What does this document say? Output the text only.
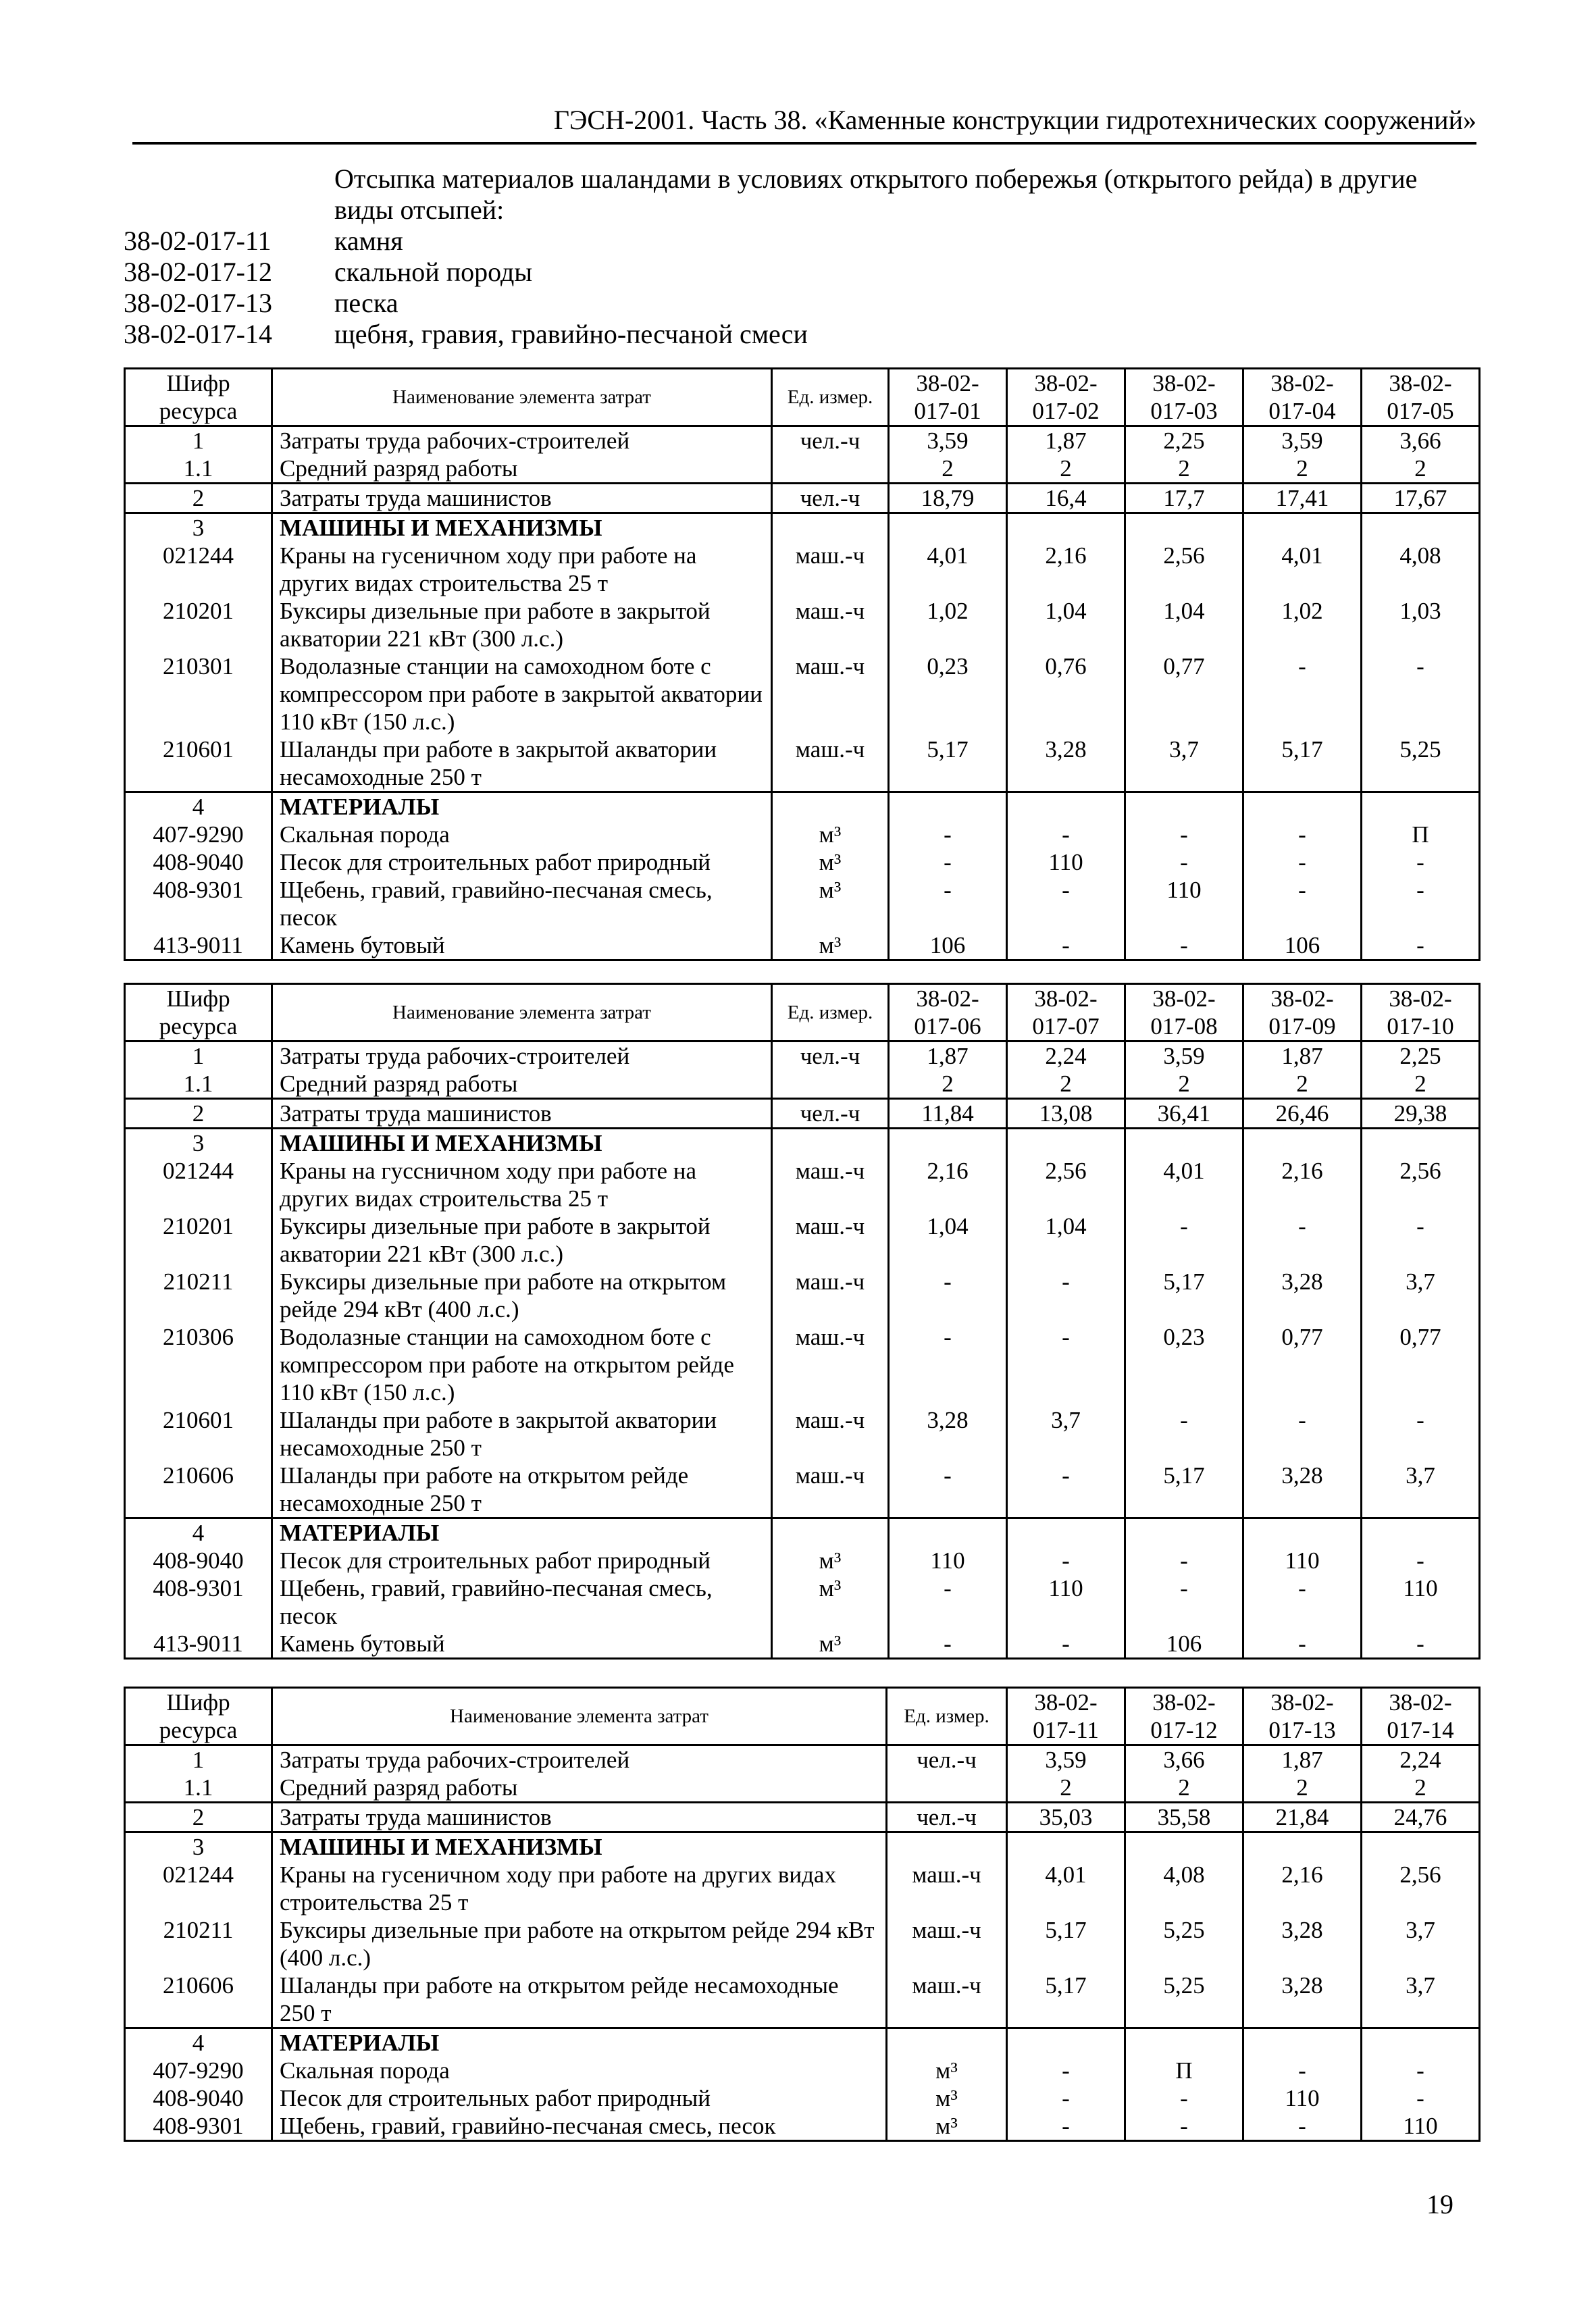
ГЭСН-2001. Часть 38. «Каменные конструкции гидротехнических сооружений»
Отсыпка материалов шаландами в условиях открытого побережья (открытого рейда) в другие виды отсыпей:
38-02-017-11	камня
38-02-017-12	скальной породы
38-02-017-13	песка
38-02-017-14	щебня, гравия, гравийно-песчаной смеси
Шифр ресурса	Наименование элемента затрат	Ед. измер.	38-02-017-01	38-02-017-02	38-02-017-03	38-02-017-04	38-02-017-05
1	Затраты труда рабочих-строителей	чел.-ч	3,59	1,87	2,25	3,59	3,66
1.1	Средний разряд работы		2	2	2	2	2
2	Затраты труда машинистов	чел.-ч	18,79	16,4	17,7	17,41	17,67
3	МАШИНЫ И МЕХАНИЗМЫ						
021244	Краны на гусеничном ходу при работе на других видах строительства 25 т	маш.-ч	4,01	2,16	2,56	4,01	4,08
210201	Буксиры дизельные при работе в закрытой акватории 221 кВт (300 л.с.)	маш.-ч	1,02	1,04	1,04	1,02	1,03
210301	Водолазные станции на самоходном боте с компрессором при работе в закрытой акватории 110 кВт (150 л.с.)	маш.-ч	0,23	0,76	0,77	-	-
210601	Шаланды при работе в закрытой акватории несамоходные 250 т	маш.-ч	5,17	3,28	3,7	5,17	5,25
4	МАТЕРИАЛЫ						
407-9290	Скальная порода	м³	-	-	-	-	П
408-9040	Песок для строительных работ природный	м³	-	110	-	-	-
408-9301	Щебень, гравий, гравийно-песчаная смесь, песок	м³	-	-	110	-	-
413-9011	Камень бутовый	м³	106	-	-	106	-
Шифр ресурса	Наименование элемента затрат	Ед. измер.	38-02-017-06	38-02-017-07	38-02-017-08	38-02-017-09	38-02-017-10
1	Затраты труда рабочих-строителей	чел.-ч	1,87	2,24	3,59	1,87	2,25
1.1	Средний разряд работы		2	2	2	2	2
2	Затраты труда машинистов	чел.-ч	11,84	13,08	36,41	26,46	29,38
3	МАШИНЫ И МЕХАНИЗМЫ						
021244	Краны на гуссничном ходу при работе на других видах строительства 25 т	маш.-ч	2,16	2,56	4,01	2,16	2,56
210201	Буксиры дизельные при работе в закрытой акватории 221 кВт (300 л.с.)	маш.-ч	1,04	1,04	-	-	-
210211	Буксиры дизельные при работе на открытом рейде 294 кВт (400 л.с.)	маш.-ч	-	-	5,17	3,28	3,7
210306	Водолазные станции на самоходном боте с компрессором при работе на открытом рейде 110 кВт (150 л.с.)	маш.-ч	-	-	0,23	0,77	0,77
210601	Шаланды при работе в закрытой акватории несамоходные 250 т	маш.-ч	3,28	3,7	-	-	-
210606	Шаланды при работе на открытом рейде несамоходные 250 т	маш.-ч	-	-	5,17	3,28	3,7
4	МАТЕРИАЛЫ						
408-9040	Песок для строительных работ природный	м³	110	-	-	110	-
408-9301	Щебень, гравий, гравийно-песчаная смесь, песок	м³	-	110	-	-	110
413-9011	Камень бутовый	м³	-	-	106	-	-
Шифр ресурса	Наименование элемента затрат	Ед. измер.	38-02-017-11	38-02-017-12	38-02-017-13	38-02-017-14
1	Затраты труда рабочих-строителей	чел.-ч	3,59	3,66	1,87	2,24
1.1	Средний разряд работы		2	2	2	2
2	Затраты труда машинистов	чел.-ч	35,03	35,58	21,84	24,76
3	МАШИНЫ И МЕХАНИЗМЫ					
021244	Краны на гусеничном ходу при работе на других видах строительства 25 т	маш.-ч	4,01	4,08	2,16	2,56
210211	Буксиры дизельные при работе на открытом рейде 294 кВт (400 л.с.)	маш.-ч	5,17	5,25	3,28	3,7
210606	Шаланды при работе на открытом рейде несамоходные 250 т	маш.-ч	5,17	5,25	3,28	3,7
4	МАТЕРИАЛЫ					
407-9290	Скальная порода	м³	-	П	-	-
408-9040	Песок для строительных работ природный	м³	-	-	110	-
408-9301	Щебень, гравий, гравийно-песчаная смесь, песок	м³	-	-	-	110
19
